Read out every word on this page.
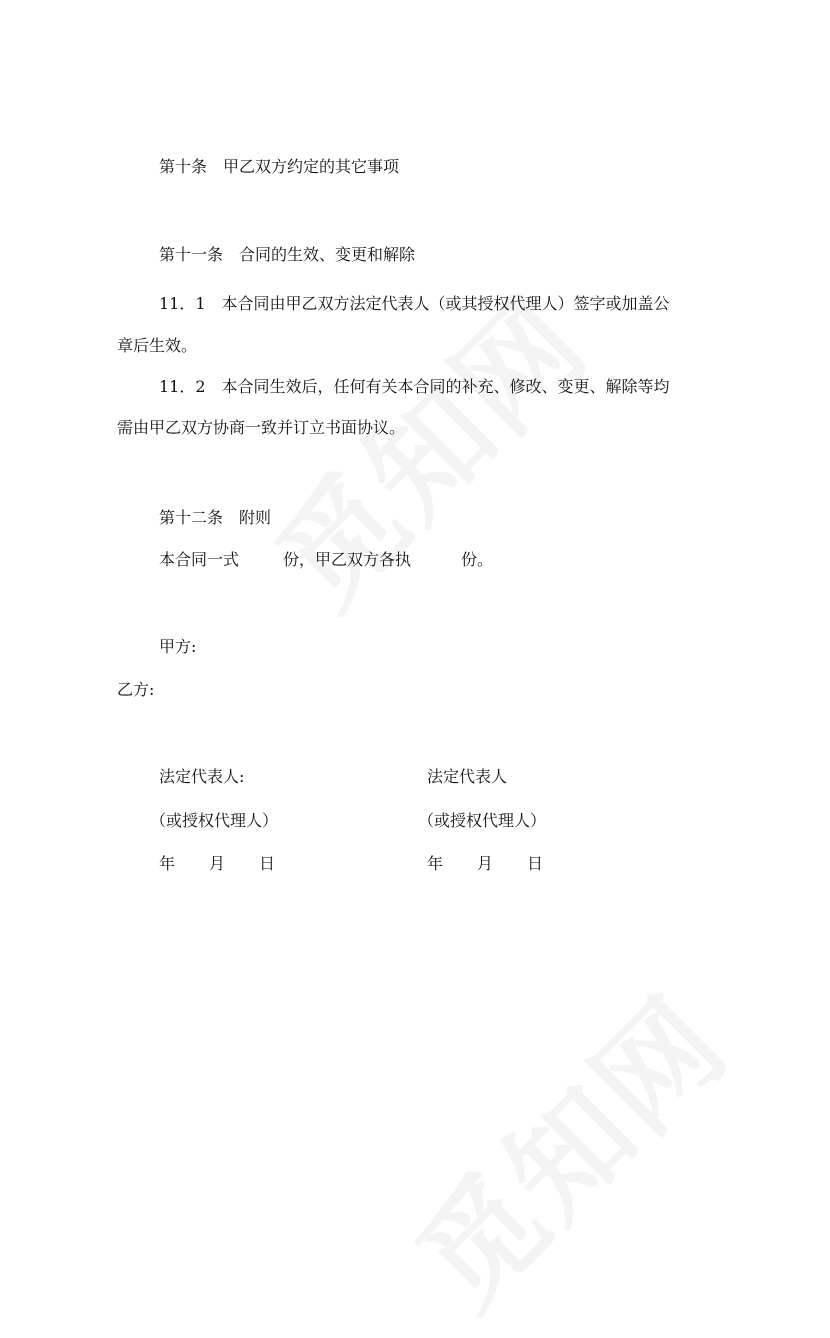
第十条　甲乙双方约定的其它事项
第十一条　合同的生效、变更和解除
11．1　本合同由甲乙双方法定代表人（或其授权代理人）签字或加盖公
章后生效。
11．2　本合同生效后，任何有关本合同的补充、修改、变更、解除等均
需由甲乙双方协商一致并订立书面协议。
第十二条　附则
本合同一式	份，甲乙双方各执	份。
甲方:
乙方:
法定代表人:
（或授权代理人）
年 月 日
法定代表人
（或授权代理人）
年 月 日
